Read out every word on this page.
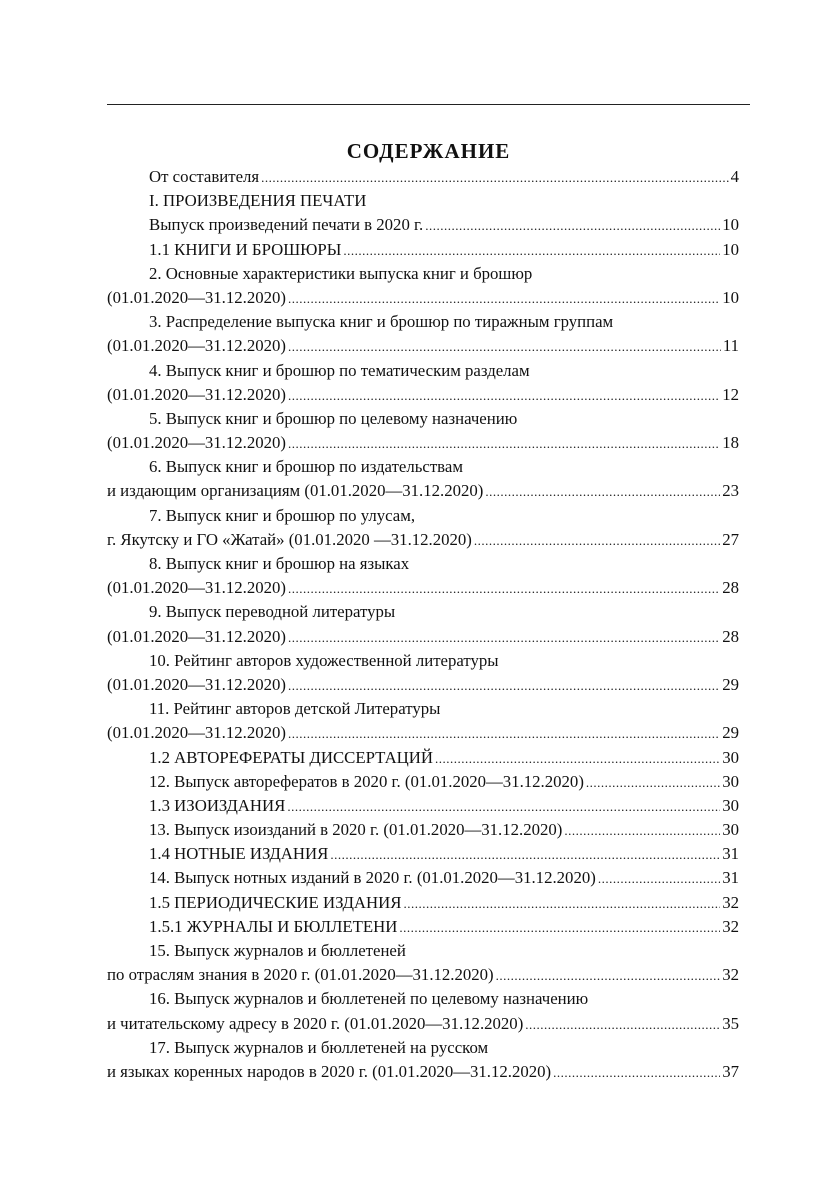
СОДЕРЖАНИЕ
От составителя .....	4
I. ПРОИЗВЕДЕНИЯ ПЕЧАТИ
Выпуск произведений печати в 2020 г. .....	10
1.1 КНИГИ И БРОШЮРЫ .....	10
2. Основные характеристики выпуска книг и брошюр
(01.01.2020—31.12.2020) .....	10
3. Распределение выпуска книг и брошюр по тиражным группам
(01.01.2020—31.12.2020) .....	11
4. Выпуск книг и брошюр по тематическим разделам
(01.01.2020—31.12.2020) .....	12
5. Выпуск книг и брошюр по целевому назначению
(01.01.2020—31.12.2020) .....	18
6. Выпуск книг и брошюр по издательствам
и издающим организациям (01.01.2020—31.12.2020) .....	23
7. Выпуск книг и брошюр по улусам,
г. Якутску и ГО «Жатай» (01.01.2020 —31.12.2020) .....	27
8. Выпуск книг и брошюр на языках
(01.01.2020—31.12.2020) .....	28
9. Выпуск переводной литературы
(01.01.2020—31.12.2020) .....	28
10. Рейтинг авторов художественной литературы
(01.01.2020—31.12.2020) .....	29
11. Рейтинг авторов детской Литературы
(01.01.2020—31.12.2020) .....	29
1.2 АВТОРЕФЕРАТЫ ДИССЕРТАЦИЙ .....	30
12. Выпуск авторефератов в 2020 г. (01.01.2020—31.12.2020) .....	30
1.3 ИЗОИЗДАНИЯ .....	30
13. Выпуск изоизданий в 2020 г. (01.01.2020—31.12.2020) .....	30
1.4 НОТНЫЕ ИЗДАНИЯ .....	31
14. Выпуск нотных изданий в 2020 г. (01.01.2020—31.12.2020) .....	31
1.5 ПЕРИОДИЧЕСКИЕ ИЗДАНИЯ .....	32
1.5.1 ЖУРНАЛЫ И БЮЛЛЕТЕНИ .....	32
15. Выпуск журналов и бюллетеней
по отраслям знания в 2020 г. (01.01.2020—31.12.2020) .....	32
16. Выпуск журналов и бюллетеней по целевому назначению
и читательскому адресу в 2020 г. (01.01.2020—31.12.2020) .....	35
17. Выпуск журналов и бюллетеней на русском
и языках коренных народов в 2020 г. (01.01.2020—31.12.2020) .....	37
